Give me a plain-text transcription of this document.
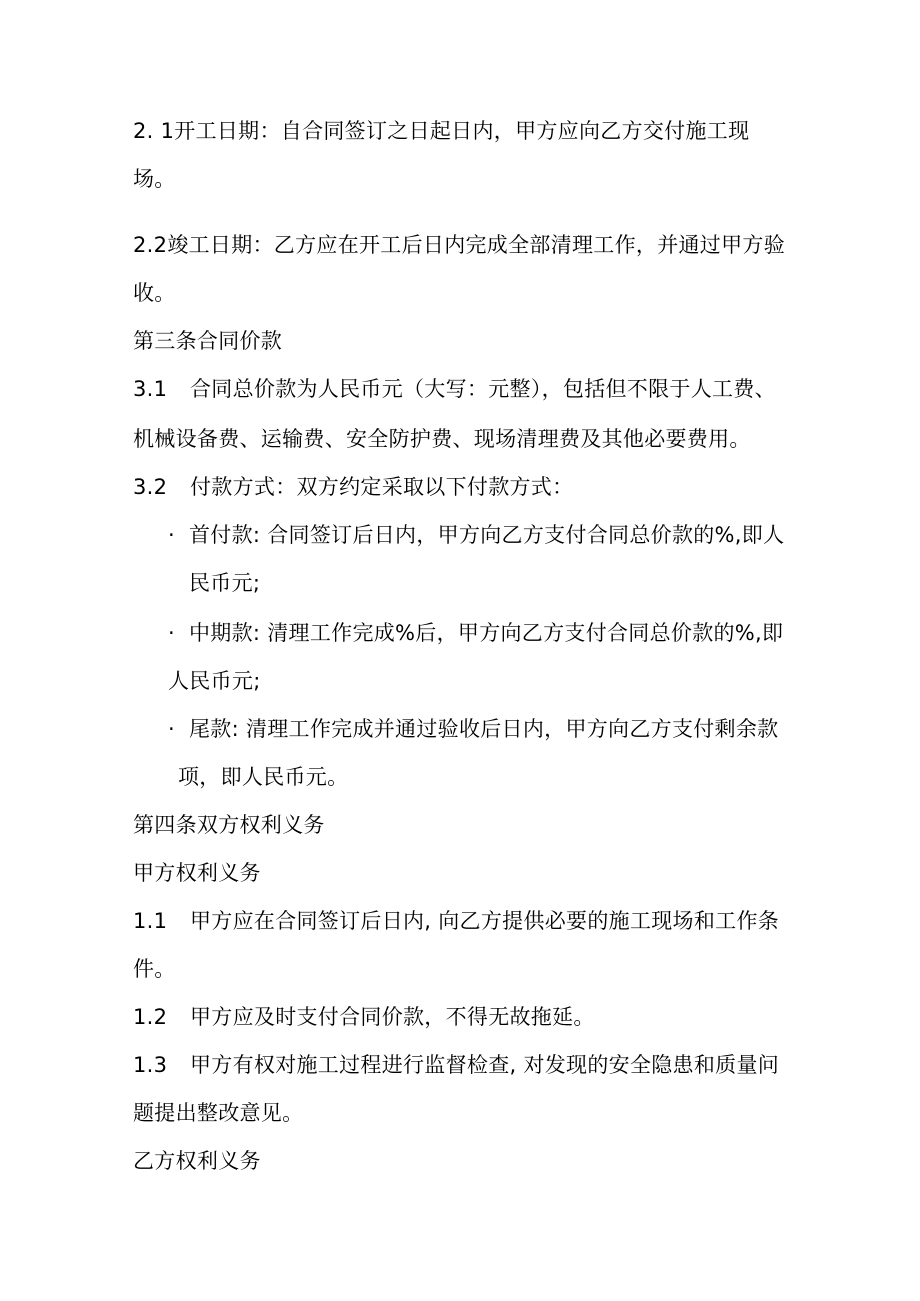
2. 1开工日期：自合同签订之日起日内，甲方应向乙方交付施工现
场。
2.2竣工日期：乙方应在开工后日内完成全部清理工作，并通过甲方验
收。
第三条合同价款
3.1 合同总价款为人民币元（大写：元整），包括但不限于人工费、
机械设备费、运输费、安全防护费、现场清理费及其他必要费用。
3.2 付款方式：双方约定采取以下付款方式：
· 首付款: 合同签订后日内，甲方向乙方支付合同总价款的%,即人
民币元;
· 中期款: 清理工作完成%后，甲方向乙方支付合同总价款的%,即
人民币元;
· 尾款: 清理工作完成并通过验收后日内，甲方向乙方支付剩余款
项，即人民币元。
第四条双方权利义务
甲方权利义务
1.1 甲方应在合同签订后日内, 向乙方提供必要的施工现场和工作条
件。
1.2 甲方应及时支付合同价款，不得无故拖延。
1.3 甲方有权对施工过程进行监督检查, 对发现的安全隐患和质量问
题提出整改意见。
乙方权利义务
